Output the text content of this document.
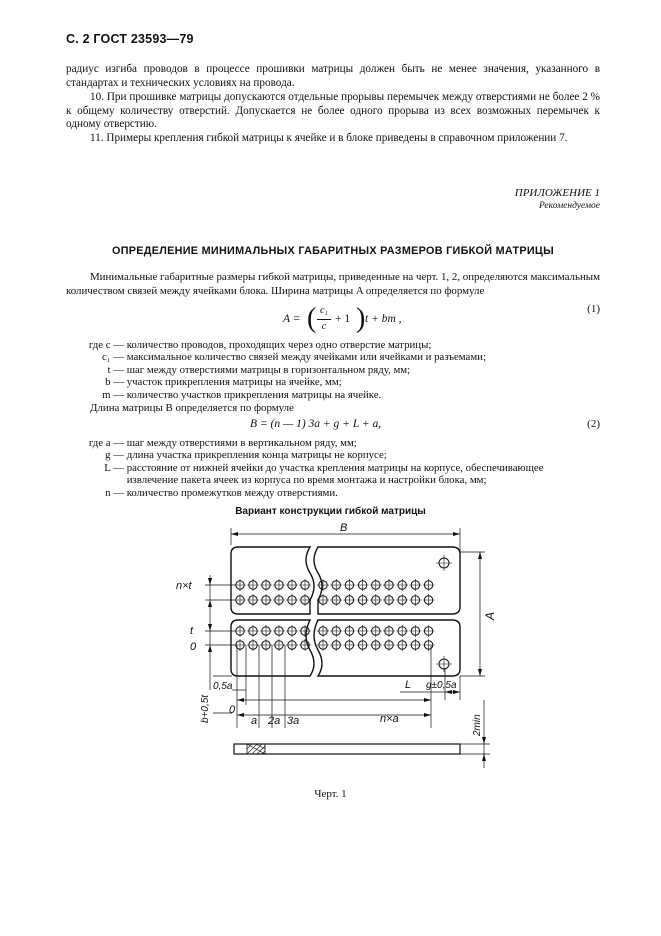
С. 2 ГОСТ 23593—79
радиус изгиба проводов в процессе прошивки матрицы должен быть не менее значения, указанного в стандартах и технических условиях на провода.
10. При прошивке матрицы допускаются отдельные прорывы перемычек между отверстиями не более 2 % к общему количеству отверстий. Допускается не более одного прорыва из всех возможных перемычек к одному отверстию.
11. Примеры крепления гибкой матрицы к ячейке и в блоке приведены в справочном приложении 7.
ПРИЛОЖЕНИЕ 1
Рекомендуемое
ОПРЕДЕЛЕНИЕ МИНИМАЛЬНЫХ ГАБАРИТНЫХ РАЗМЕРОВ ГИБКОЙ МАТРИЦЫ
Минимальные габаритные размеры гибкой матрицы, приведенные на черт. 1, 2, определяются максимальным количеством связей между ячейками блока. Ширина матрицы A определяется по формуле
A = ( c₁
c
+ 1 ) t + bm ,
(1)
где c — количество проводов, проходящих через одно отверстие матрицы;
c₁ — максимальное количество связей между ячейками или ячейками и разъемами;
t — шаг между отверстиями матрицы в горизонтальном ряду, мм;
b — участок прикрепления матрицы на ячейке, мм;
m — количество участков прикрепления матрицы на ячейке.
Длина матрицы B определяется по формуле
B = (n — 1) 3a + g + L + a,	(2)
где a — шаг между отверстиями в вертикальном ряду, мм;
g — длина участка прикрепления конца матрицы не корпусе;
L — расстояние от нижней ячейки до участка крепления матрицы на корпусе, обеспечивающее
извлечение пакета ячеек из корпуса по время монтажа и настройки блока, мм;
n — количество промежутков между отверстиями.
Вариант конструкции гибкой матрицы
B
A
n×t
t
0
0,5a
b+0,5t 0
a 2a 3a	n×a
L g±0,5a
2min
Черт. 1
